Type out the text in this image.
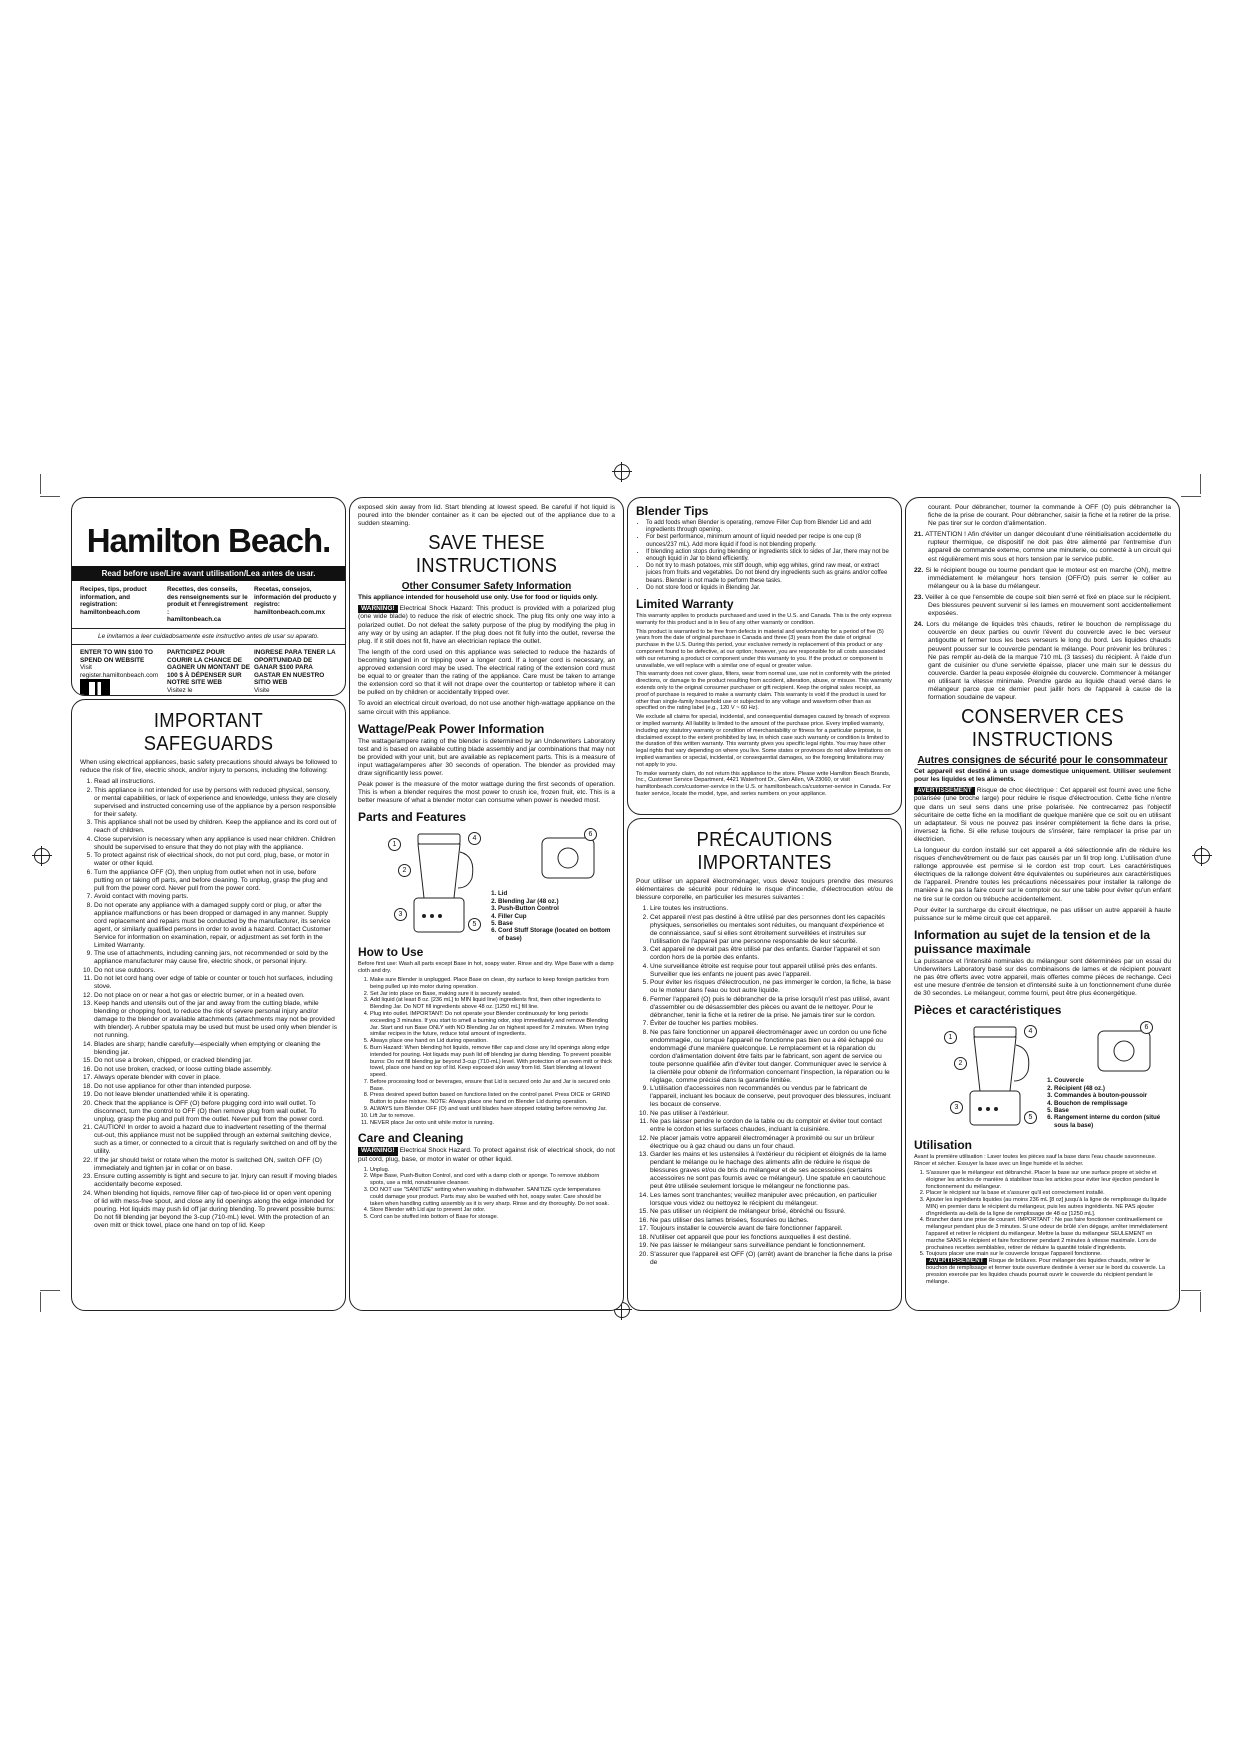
Hamilton Beach.
Read before use/Lire avant utilisation/Lea antes de usar.
Recipes, tips, product information, and registration:
hamiltonbeach.com
Recettes, des conseils, des renseignements sur le produit et l'enregistrement :
hamiltonbeach.ca
Recetas, consejos, información del producto y registro:
hamiltonbeach.com.mx
Le invitamos a leer cuidadosamente este instructivo antes de usar su aparato.
ENTER TO WIN $100 TO SPEND ON WEBSITE
Visit
register.hamiltonbeach.com

PARTICIPEZ POUR COURIR LA CHANCE DE GAGNER UN MONTANT DE 100 $ À DÉPENSER SUR NOTRE SITE WEB
Visitez le

INGRESE PARA TENER LA OPORTUNIDAD DE GANAR $100 PARA GASTAR EN NUESTRO SITIO WEB
Visite

IMPORTANT SAFEGUARDS

When using electrical appliances, basic safety precautions should always be followed to reduce the risk of fire, electric shock, and/or injury to persons, including the following:

1. Read all instructions.
2. This appliance is not intended for use by persons with reduced physical, sensory, or mental capabilities, or lack of experience and knowledge, unless they are closely supervised and instructed concerning use of the appliance by a person responsible for their safety.
3. This appliance shall not be used by children. Keep the appliance and its cord out of reach of children.
4. Close supervision is necessary when any appliance is used near children. Children should be supervised to ensure that they do not play with the appliance.
5. To protect against risk of electrical shock, do not put cord, plug, base, or motor in water or other liquid.
6. Turn the appliance OFF (O), then unplug from outlet when not in use, before putting on or taking off parts, and before cleaning. To unplug, grasp the plug and pull from the power cord. Never pull from the power cord.
7. Avoid contact with moving parts.
8. Do not operate any appliance with a damaged supply cord or plug, or after the appliance malfunctions or has been dropped or damaged in any manner. Supply cord replacement and repairs must be conducted by the manufacturer, its service agent, or similarly qualified persons in order to avoid a hazard. Contact Customer Service for information on examination, repair, or adjustment as set forth in the Limited Warranty.
9. The use of attachments, including canning jars, not recommended or sold by the appliance manufacturer may cause fire, electric shock, or personal injury.
10. Do not use outdoors.
11. Do not let cord hang over edge of table or counter or touch hot surfaces, including stove.
12. Do not place on or near a hot gas or electric burner, or in a heated oven.
13. Keep hands and utensils out of the jar and away from the cutting blade, while blending or chopping food, to reduce the risk of severe personal injury and/or damage to the blender or available attachments (attachments may not be provided with blender). A rubber spatula may be used but must be used only when blender is not running.
14. Blades are sharp; handle carefully—especially when emptying or cleaning the blending jar.
15. Do not use a broken, chipped, or cracked blending jar.
16. Do not use broken, cracked, or loose cutting blade assembly.
17. Always operate blender with cover in place.
18. Do not use appliance for other than intended purpose.
19. Do not leave blender unattended while it is operating.
20. Check that the appliance is OFF (O) before plugging cord into wall outlet. To disconnect, turn the control to OFF (O) then remove plug from wall outlet. To unplug, grasp the plug and pull from the outlet. Never pull from the power cord.
21. CAUTION! In order to avoid a hazard due to inadvertent resetting of the thermal cut-out, this appliance must not be supplied through an external switching device, such as a timer, or connected to a circuit that is regularly switched on and off by the utility.
22. If the jar should twist or rotate when the motor is switched ON, switch OFF (O) immediately and tighten jar in collar or on base.
23. Ensure cutting assembly is tight and secure to jar. Injury can result if moving blades accidentally become exposed.
24. When blending hot liquids, remove filler cap of two-piece lid or open vent opening of lid with mess-free spout, and close any lid openings along the edge intended for pouring. Hot liquids may push lid off jar during blending. To prevent possible burns: Do not fill blending jar beyond the 3-cup (710-mL) level. With the protection of an oven mitt or thick towel, place one hand on top of lid. Keep

exposed skin away from lid. Start blending at lowest speed. Be careful if hot liquid is poured into the blender container as it can be ejected out of the appliance due to a sudden steaming.

SAVE THESE INSTRUCTIONS
Other Consumer Safety Information

This appliance intended for household use only. Use for food or liquids only.

WARNING! Electrical Shock Hazard: This product is provided with a polarized plug (one wide blade) to reduce the risk of electric shock. The plug fits only one way into a polarized outlet. Do not defeat the safety purpose of the plug by modifying the plug in any way or by using an adapter. If the plug does not fit fully into the outlet, reverse the plug. If it still does not fit, have an electrician replace the outlet.

The length of the cord used on this appliance was selected to reduce the hazards of becoming tangled in or tripping over a longer cord. If a longer cord is necessary, an approved extension cord may be used. The electrical rating of the extension cord must be equal to or greater than the rating of the appliance. Care must be taken to arrange the extension cord so that it will not drape over the countertop or tabletop where it can be pulled on by children or accidentally tripped over.

To avoid an electrical circuit overload, do not use another high-wattage appliance on the same circuit with this appliance.

Wattage/Peak Power Information

The wattage/ampere rating of the blender is determined by an Underwriters Laboratory test and is based on available cutting blade assembly and jar combinations that may not be provided with your unit, but are available as replacement parts. This is a measure of input wattage/amperes after 30 seconds of operation. The blender as provided may draw significantly less power.

Peak power is the measure of the motor wattage during the first seconds of operation. This is when a blender requires the most power to crush ice, frozen fruit, etc. This is a better measure of what a blender motor can consume when power is needed most.

Parts and Features
1
2
3
4
5
6
1. Lid
2. Blending Jar (48 oz.)
3. Push-Button Control
4. Filler Cup
5. Base
6. Cord Stuff Storage (located on bottom of base)
How to Use

Before first use: Wash all parts except Base in hot, soapy water. Rinse and dry. Wipe Base with a damp cloth and dry.

1. Make sure Blender is unplugged. Place Base on clean, dry surface to keep foreign particles from being pulled up into motor during operation.
2. Set Jar into place on Base, making sure it is securely seated.
3. Add liquid (at least 8 oz. [236 mL] to MIN liquid line) ingredients first, then other ingredients to Blending Jar. Do NOT fill ingredients above 48 oz. [1250 mL] fill line.
4. Plug into outlet. IMPORTANT: Do not operate your Blender continuously for long periods exceeding 3 minutes. If you start to smell a burning odor, stop immediately and remove Blending Jar. Start and run Base ONLY with NO Blending Jar on highest speed for 2 minutes. When trying similar recipes in the future, reduce total amount of ingredients.
5. Always place one hand on Lid during operation.
6. Burn Hazard: When blending hot liquids, remove filler cap and close any lid openings along edge intended for pouring. Hot liquids may push lid off blending jar during blending. To prevent possible burns: Do not fill blending jar beyond 3-cup (710-mL) level. With protection of an oven mitt or thick towel, place one hand on top of lid. Keep exposed skin away from lid. Start blending at lowest speed.
7. Before processing food or beverages, ensure that Lid is secured onto Jar and Jar is secured onto Base.
8. Press desired speed button based on functions listed on the control panel. Press DICE or GRIND Button to pulse mixture. NOTE: Always place one hand on Blender Lid during operation.
9. ALWAYS turn Blender OFF (O) and wait until blades have stopped rotating before removing Jar.
10. Lift Jar to remove.
11. NEVER place Jar onto unit while motor is running.
Care and Cleaning

WARNING! Electrical Shock Hazard. To protect against risk of electrical shock, do not put cord, plug, base, or motor in water or other liquid.

1. Unplug.
2. Wipe Base, Push-Button Control, and cord with a damp cloth or sponge. To remove stubborn spots, use a mild, nonabrasive cleanser.
3. DO NOT use "SANITIZE" setting when washing in dishwasher. SANITIZE cycle temperatures could damage your product. Parts may also be washed with hot, soapy water. Care should be taken when handling cutting assembly as it is very sharp. Rinse and dry thoroughly. Do not soak.
4. Store Blender with Lid ajar to prevent Jar odor.
5. Cord can be stuffed into bottom of Base for storage.
Blender Tips
• To add foods when Blender is operating, remove Filler Cup from Blender Lid and add ingredients through opening.
• For best performance, minimum amount of liquid needed per recipe is one cup (8 ounces/237 mL). Add more liquid if food is not blending properly.
• If blending action stops during blending or ingredients stick to sides of Jar, there may not be enough liquid in Jar to blend efficiently.
• Do not try to mash potatoes, mix stiff dough, whip egg whites, grind raw meat, or extract juices from fruits and vegetables. Do not blend dry ingredients such as grains and/or coffee beans. Blender is not made to perform these tasks.
• Do not store food or liquids in Blending Jar.
Limited Warranty

This warranty applies to products purchased and used in the U.S. and Canada. This is the only express warranty for this product and is in lieu of any other warranty or condition.

This product is warranted to be free from defects in material and workmanship for a period of five (5) years from the date of original purchase in Canada and three (3) years from the date of original purchase in the U.S. During this period, your exclusive remedy is replacement of this product or any component found to be defective, at our option; however, you are responsible for all costs associated with our returning a product or component under this warranty to you. If the product or component is unavailable, we will replace with a similar one of equal or greater value.

This warranty does not cover glass, filters, wear from normal use, use not in conformity with the printed directions, or damage to the product resulting from accident, alteration, abuse, or misuse. This warranty extends only to the original consumer purchaser or gift recipient. Keep the original sales receipt, as proof of purchase is required to make a warranty claim. This warranty is void if the product is used for other than single-family household use or subjected to any voltage and waveform other than as specified on the rating label (e.g., 120 V ~ 60 Hz).

We exclude all claims for special, incidental, and consequential damages caused by breach of express or implied warranty. All liability is limited to the amount of the purchase price. Every implied warranty, including any statutory warranty or condition of merchantability or fitness for a particular purpose, is disclaimed except to the extent prohibited by law, in which case such warranty or condition is limited to the duration of this written warranty. This warranty gives you specific legal rights. You may have other legal rights that vary depending on where you live. Some states or provinces do not allow limitations on implied warranties or special, incidental, or consequential damages, so the foregoing limitations may not apply to you.

To make warranty claim, do not return this appliance to the store. Please write Hamilton Beach Brands, Inc., Customer Service Department, 4421 Waterfront Dr., Glen Allen, VA 23060, or visit hamiltonbeach.com/customer-service in the U.S. or hamiltonbeach.ca/customer-service in Canada. For faster service, locate the model, type, and series numbers on your appliance.

PRÉCAUTIONS IMPORTANTES

Pour utiliser un appareil électroménager, vous devez toujours prendre des mesures élémentaires de sécurité pour réduire le risque d'incendie, d'électrocution et/ou de blessure corporelle, en particulier les mesures suivantes :

1. Lire toutes les instructions.
2. Cet appareil n'est pas destiné à être utilisé par des personnes dont les capacités physiques, sensorielles ou mentales sont réduites, ou manquant d'expérience et de connaissance, sauf si elles sont étroitement surveillées et instruites sur l'utilisation de l'appareil par une personne responsable de leur sécurité.
3. Cet appareil ne devrait pas être utilisé par des enfants. Garder l'appareil et son cordon hors de la portée des enfants.
4. Une surveillance étroite est requise pour tout appareil utilisé près des enfants. Surveiller que les enfants ne jouent pas avec l'appareil.
5. Pour éviter les risques d'électrocution, ne pas immerger le cordon, la fiche, la base ou le moteur dans l'eau ou tout autre liquide.
6. Fermer l'appareil (O) puis le débrancher de la prise lorsqu'il n'est pas utilisé, avant d'assembler ou de désassembler des pièces ou avant de le nettoyer. Pour le débrancher, tenir la fiche et la retirer de la prise. Ne jamais tirer sur le cordon.
7. Éviter de toucher les parties mobiles.
8. Ne pas faire fonctionner un appareil électroménager avec un cordon ou une fiche endommagée, ou lorsque l'appareil ne fonctionne pas bien ou a été échappé ou endommagé d'une manière quelconque. Le remplacement et la réparation du cordon d'alimentation doivent être faits par le fabricant, son agent de service ou toute personne qualifiée afin d'éviter tout danger. Communiquer avec le service à la clientèle pour obtenir de l'information concernant l'inspection, la réparation ou le réglage, comme précisé dans la garantie limitée.
9. L'utilisation d'accessoires non recommandés ou vendus par le fabricant de l'appareil, incluant les bocaux de conserve, peut provoquer des blessures, incluant les bocaux de conserve.
10. Ne pas utiliser à l'extérieur.
11. Ne pas laisser pendre le cordon de la table ou du comptoir et éviter tout contact entre le cordon et les surfaces chaudes, incluant la cuisinière.
12. Ne placer jamais votre appareil électroménager à proximité ou sur un brûleur électrique ou à gaz chaud ou dans un four chaud.
13. Garder les mains et les ustensiles à l'extérieur du récipient et éloignés de la lame pendant le mélange ou le hachage des aliments afin de réduire le risque de blessures graves et/ou de bris du mélangeur et de ses accessoires (certains accessoires ne sont pas fournis avec ce mélangeur). Une spatule en caoutchouc peut être utilisée seulement lorsque le mélangeur ne fonctionne pas.
14. Les lames sont tranchantes; veuillez manipuler avec précaution, en particulier lorsque vous videz ou nettoyez le récipient du mélangeur.
15. Ne pas utiliser un récipient de mélangeur brisé, ébréché ou fissuré.
16. Ne pas utiliser des lames brisées, fissurées ou lâches.
17. Toujours installer le couvercle avant de faire fonctionner l'appareil.
18. N'utiliser cet appareil que pour les fonctions auxquelles il est destiné.
19. Ne pas laisser le mélangeur sans surveillance pendant le fonctionnement.
20. S'assurer que l'appareil est OFF (O) (arrêt) avant de brancher la fiche dans la prise de

courant. Pour débrancher, tourner la commande à OFF (O) puis débrancher la fiche de la prise de courant. Pour débrancher, saisir la fiche et la retirer de la prise. Ne pas tirer sur le cordon d'alimentation.

21. ATTENTION ! Afin d'éviter un danger découlant d'une réinitialisation accidentelle du rupteur thermique, ce dispositif ne doit pas être alimenté par l'entremise d'un appareil de commande externe, comme une minuterie, ou connecté à un circuit qui est régulièrement mis sous et hors tension par le service public.

22. Si le récipient bouge ou tourne pendant que le moteur est en marche (ON), mettre immédiatement le mélangeur hors tension (OFF/O) puis serrer le collier au mélangeur ou à la base du mélangeur.

23. Veiller à ce que l'ensemble de coupe soit bien serré et fixé en place sur le récipient. Des blessures peuvent survenir si les lames en mouvement sont accidentellement exposées.

24. Lors du mélange de liquides très chauds, retirer le bouchon de remplissage du couvercle en deux parties ou ouvrir l'évent du couvercle avec le bec verseur antigoutte et fermer tous les becs verseurs le long du bord. Les liquides chauds peuvent pousser sur le couvercle pendant le mélange. Pour prévenir les brûlures : Ne pas remplir au-delà de la marque 710 mL (3 tasses) du récipient. À l'aide d'un gant de cuisinier ou d'une serviette épaisse, placer une main sur le dessus du couvercle. Garder la peau exposée éloignée du couvercle. Commencer à mélanger en utilisant la vitesse minimale. Prendre garde au liquide chaud versé dans le mélangeur parce que ce dernier peut jaillir hors de l'appareil à cause de la formation soudaine de vapeur.

CONSERVER CES INSTRUCTIONS
Autres consignes de sécurité pour le consommateur

Cet appareil est destiné à un usage domestique uniquement. Utiliser seulement pour les liquides et les aliments.

AVERTISSEMENT Risque de choc électrique : Cet appareil est fourni avec une fiche polarisée (une broche large) pour réduire le risque d'électrocution. Cette fiche n'entre que dans un seul sens dans une prise polarisée. Ne contrecarrez pas l'objectif sécuritaire de cette fiche en la modifiant de quelque manière que ce soit ou en utilisant un adaptateur. Si vous ne pouvez pas insérer complètement la fiche dans la prise, inversez la fiche. Si elle refuse toujours de s'insérer, faire remplacer la prise par un électricien.

La longueur du cordon installé sur cet appareil a été sélectionnée afin de réduire les risques d'enchevêtrement ou de faux pas causés par un fil trop long. L'utilisation d'une rallonge approuvée est permise si le cordon est trop court. Les caractéristiques électriques de la rallonge doivent être équivalentes ou supérieures aux caractéristiques de l'appareil. Prendre toutes les précautions nécessaires pour installer la rallonge de manière à ne pas la faire courir sur le comptoir ou sur une table pour éviter qu'un enfant ne tire sur le cordon ou trébuche accidentellement.

Pour éviter la surcharge du circuit électrique, ne pas utiliser un autre appareil à haute puissance sur le même circuit que cet appareil.

Information au sujet de la tension et de la puissance maximale

La puissance et l'intensité nominales du mélangeur sont déterminées par un essai du Underwriters Laboratory basé sur des combinaisons de lames et de récipient pouvant ne pas être offerts avec votre appareil, mais offertes comme pièces de rechange. Ceci est une mesure d'entrée de tension et d'intensité suite à un fonctionnement d'une durée de 30 secondes. Le mélangeur, comme fourni, peut être plus éconergétique.

Pièces et caractéristiques
1
2
3
4
5
6
1. Couvercle
2. Récipient (48 oz.)
3. Commandes à bouton-poussoir
4. Bouchon de remplissage
5. Base
6. Rangement interne du cordon (situé sous la base)
Utilisation

Avant la première utilisation : Laver toutes les pièces sauf la base dans l'eau chaude savonneuse. Rincer et sécher. Essuyer la base avec un linge humide et la sécher.

1. S'assurer que le mélangeur est débranché. Placer la base sur une surface propre et sèche et éloigner les articles de manière à stabiliser tous les articles pour éviter leur éjection pendant le fonctionnement du mélangeur.
2. Placer le récipient sur la base et s'assurer qu'il est correctement installé.
3. Ajouter les ingrédients liquides (au moins 236 mL [8 oz] jusqu'à la ligne de remplissage du liquide MIN) en premier dans le récipient du mélangeur, puis les autres ingrédients. NE PAS ajouter d'ingrédients au-delà de la ligne de remplissage de 48 oz [1250 mL].
4. Brancher dans une prise de courant. IMPORTANT : Ne pas faire fonctionner continuellement ce mélangeur pendant plus de 3 minutes. Si une odeur de brûlé s'en dégage, arrêter immédiatement l'appareil et retirer le récipient du mélangeur. Mettre la base du mélangeur SEULEMENT en marche SANS le récipient et faire fonctionner pendant 2 minutes à vitesse maximale. Lors de prochaines recettes semblables, retirer de réduire la quantité totale d'ingrédients.
5. Toujours placer une main sur le couvercle lorsque l'appareil fonctionne.

AVERTISSEMENT Risque de brûlures. Pour mélanger des liquides chauds, retirer le bouchon de remplissage et fermer toute ouverture destinée à verser sur le bord du couvercle. La pression exercée par les liquides chauds pourrait ouvrir le couvercle du récipient pendant le mélange.
